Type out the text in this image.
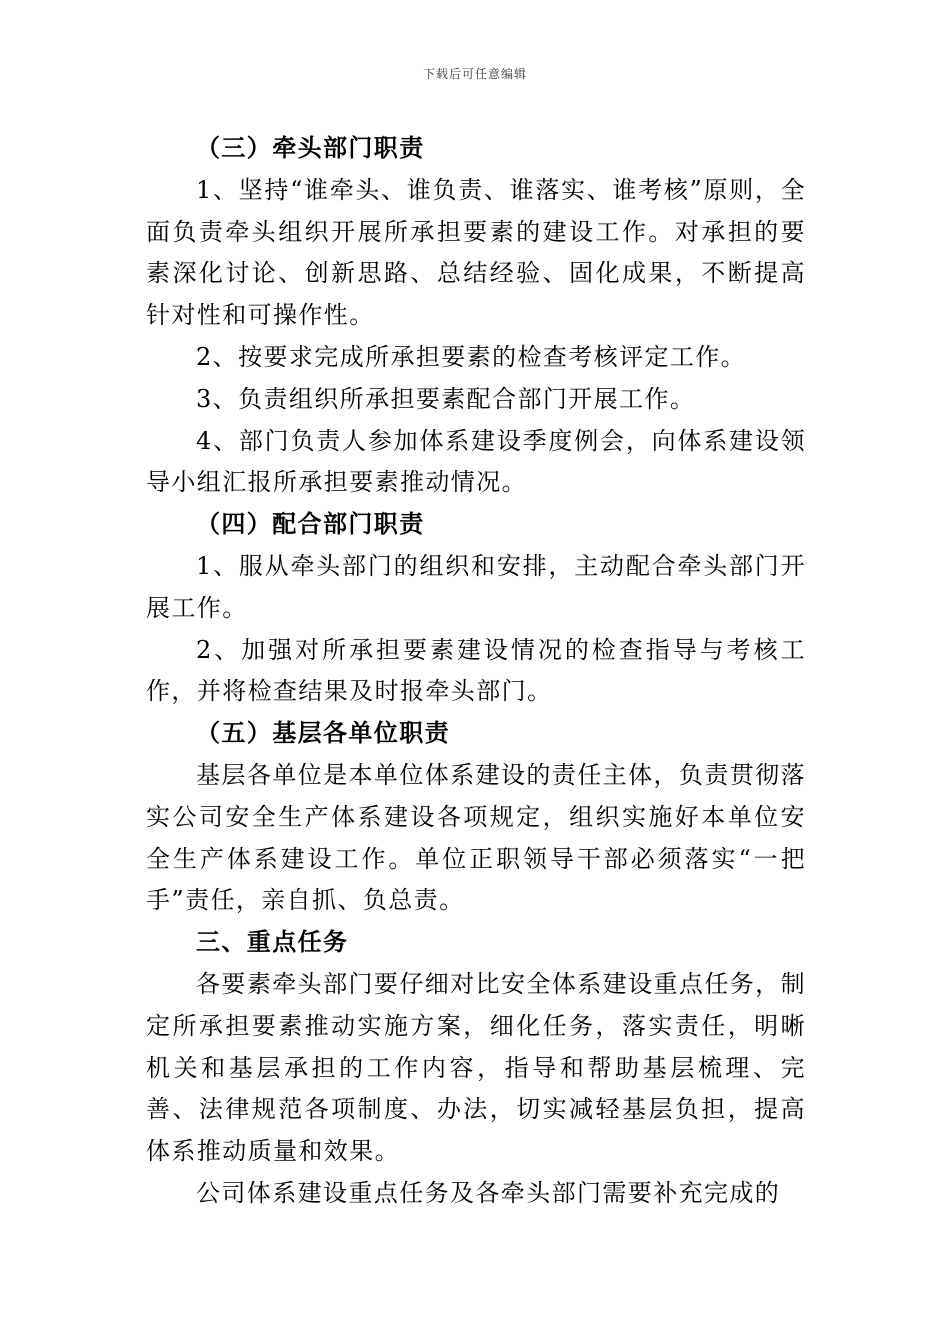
下载后可任意编辑

（三）牵头部门职责

1、坚持“谁牵头、谁负责、谁落实、谁考核”原则，全面负责牵头组织开展所承担要素的建设工作。对承担的要素深化讨论、创新思路、总结经验、固化成果，不断提高针对性和可操作性。

2、按要求完成所承担要素的检查考核评定工作。

3、负责组织所承担要素配合部门开展工作。

4、部门负责人参加体系建设季度例会，向体系建设领导小组汇报所承担要素推动情况。

（四）配合部门职责

1、服从牵头部门的组织和安排，主动配合牵头部门开展工作。

2、加强对所承担要素建设情况的检查指导与考核工作，并将检查结果及时报牵头部门。

（五）基层各单位职责

基层各单位是本单位体系建设的责任主体，负责贯彻落实公司安全生产体系建设各项规定，组织实施好本单位安全生产体系建设工作。单位正职领导干部必须落实“一把手”责任，亲自抓、负总责。

三、重点任务

各要素牵头部门要仔细对比安全体系建设重点任务，制定所承担要素推动实施方案，细化任务，落实责任，明晰机关和基层承担的工作内容，指导和帮助基层梳理、完善、法律规范各项制度、办法，切实减轻基层负担，提高体系推动质量和效果。

公司体系建设重点任务及各牵头部门需要补充完成的
